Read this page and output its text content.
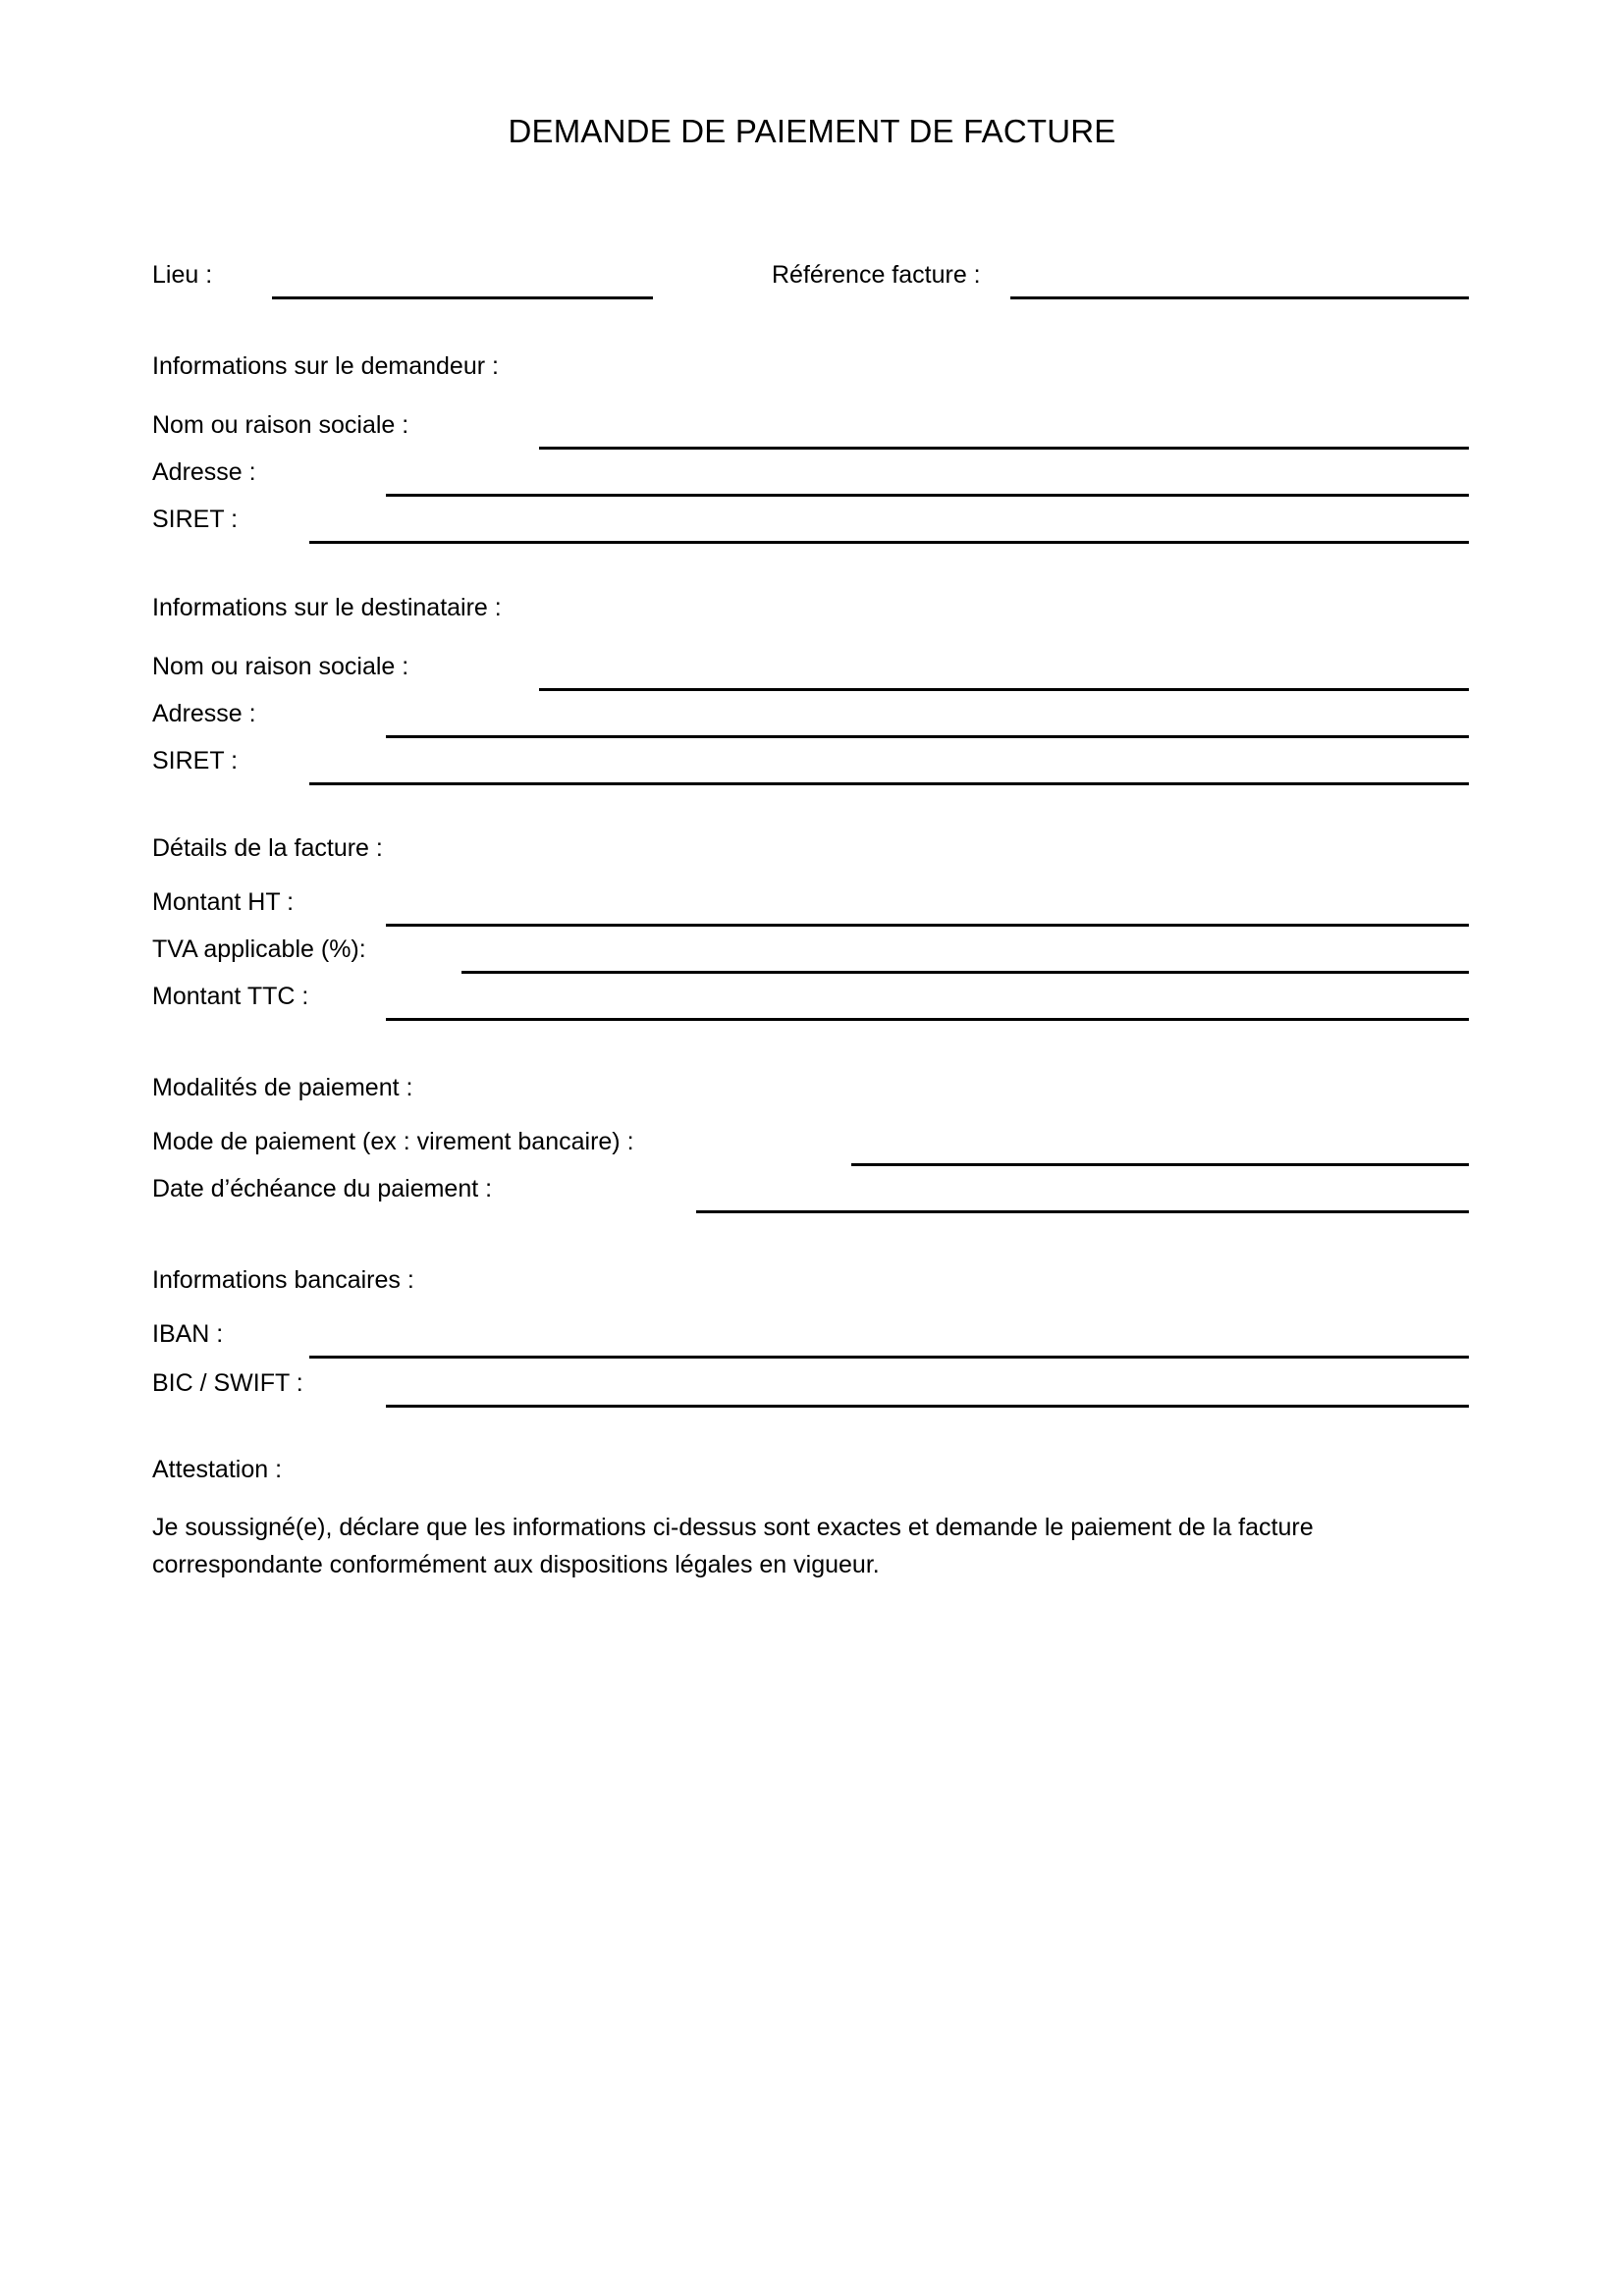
DEMANDE DE PAIEMENT DE FACTURE
Lieu :	Référence facture :
Informations sur le demandeur :
Nom ou raison sociale :
Adresse :
SIRET :
Informations sur le destinataire :
Nom ou raison sociale :
Adresse :
SIRET :
Détails de la facture :
Montant HT :
TVA applicable (%):
Montant TTC :
Modalités de paiement :
Mode de paiement (ex : virement bancaire) :
Date d’échéance du paiement :
Informations bancaires :
IBAN :
BIC / SWIFT :
Attestation :
Je soussigné(e), déclare que les informations ci-dessus sont exactes et demande le paiement de la facture correspondante conformément aux dispositions légales en vigueur.
